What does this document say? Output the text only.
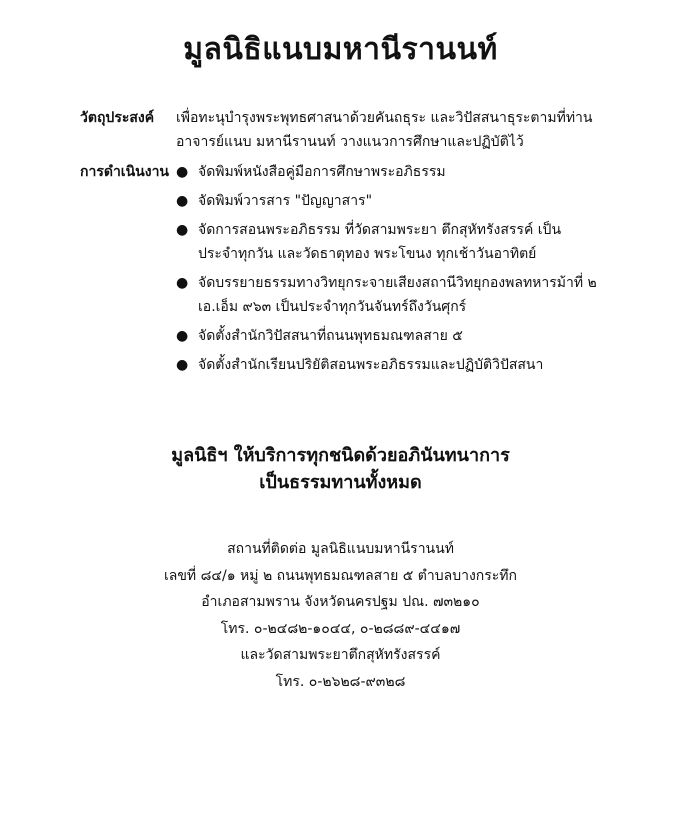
มูลนิธิแนบมหานีรานนท์
วัตถุประสงค์	เพื่อทะนุบำรุงพระพุทธศาสนาด้วยคันถธุระ และวิปัสสนาธุระตามที่ท่านอาจารย์แนบ มหานีรานนท์ วางแนวการศึกษาและปฏิบัติไว้
การดำเนินงาน ● จัดพิมพ์หนังสือคู่มือการศึกษาพระอภิธรรม
● จัดพิมพ์วารสาร "ปัญญาสาร"
● จัดการสอนพระอภิธรรม ที่วัดสามพระยา ตึกสุหัทรังสรรค์ เป็นประจำทุกวัน และวัดธาตุทอง พระโขนง ทุกเช้าวันอาทิตย์
● จัดบรรยายธรรมทางวิทยุกระจายเสียงสถานีวิทยุกองพลทหารม้าที่ ๒ เอ.เอ็ม ๙๖๓ เป็นประจำทุกวันจันทร์ถึงวันศุกร์
● จัดตั้งสำนักวิปัสสนาที่ถนนพุทธมณฑลสาย ๕
● จัดตั้งสำนักเรียนปริยัติสอนพระอภิธรรมและปฏิบัติวิปัสสนา
มูลนิธิฯ ให้บริการทุกชนิดด้วยอภินันทนาการ
เป็นธรรมทานทั้งหมด
สถานที่ติดต่อ มูลนิธิแนบมหานีรานนท์
เลขที่ ๘๔/๑ หมู่ ๒ ถนนพุทธมณฑลสาย ๕ ตำบลบางกระทึก
อำเภอสามพราน จังหวัดนครปฐม ปณ. ๗๓๒๑๐
โทร. ๐-๒๔๘๒-๑๐๔๔, ๐-๒๘๘๙-๔๔๑๗
และวัดสามพระยาตึกสุหัทรังสรรค์
โทร. ๐-๒๖๒๘-๙๓๒๘
